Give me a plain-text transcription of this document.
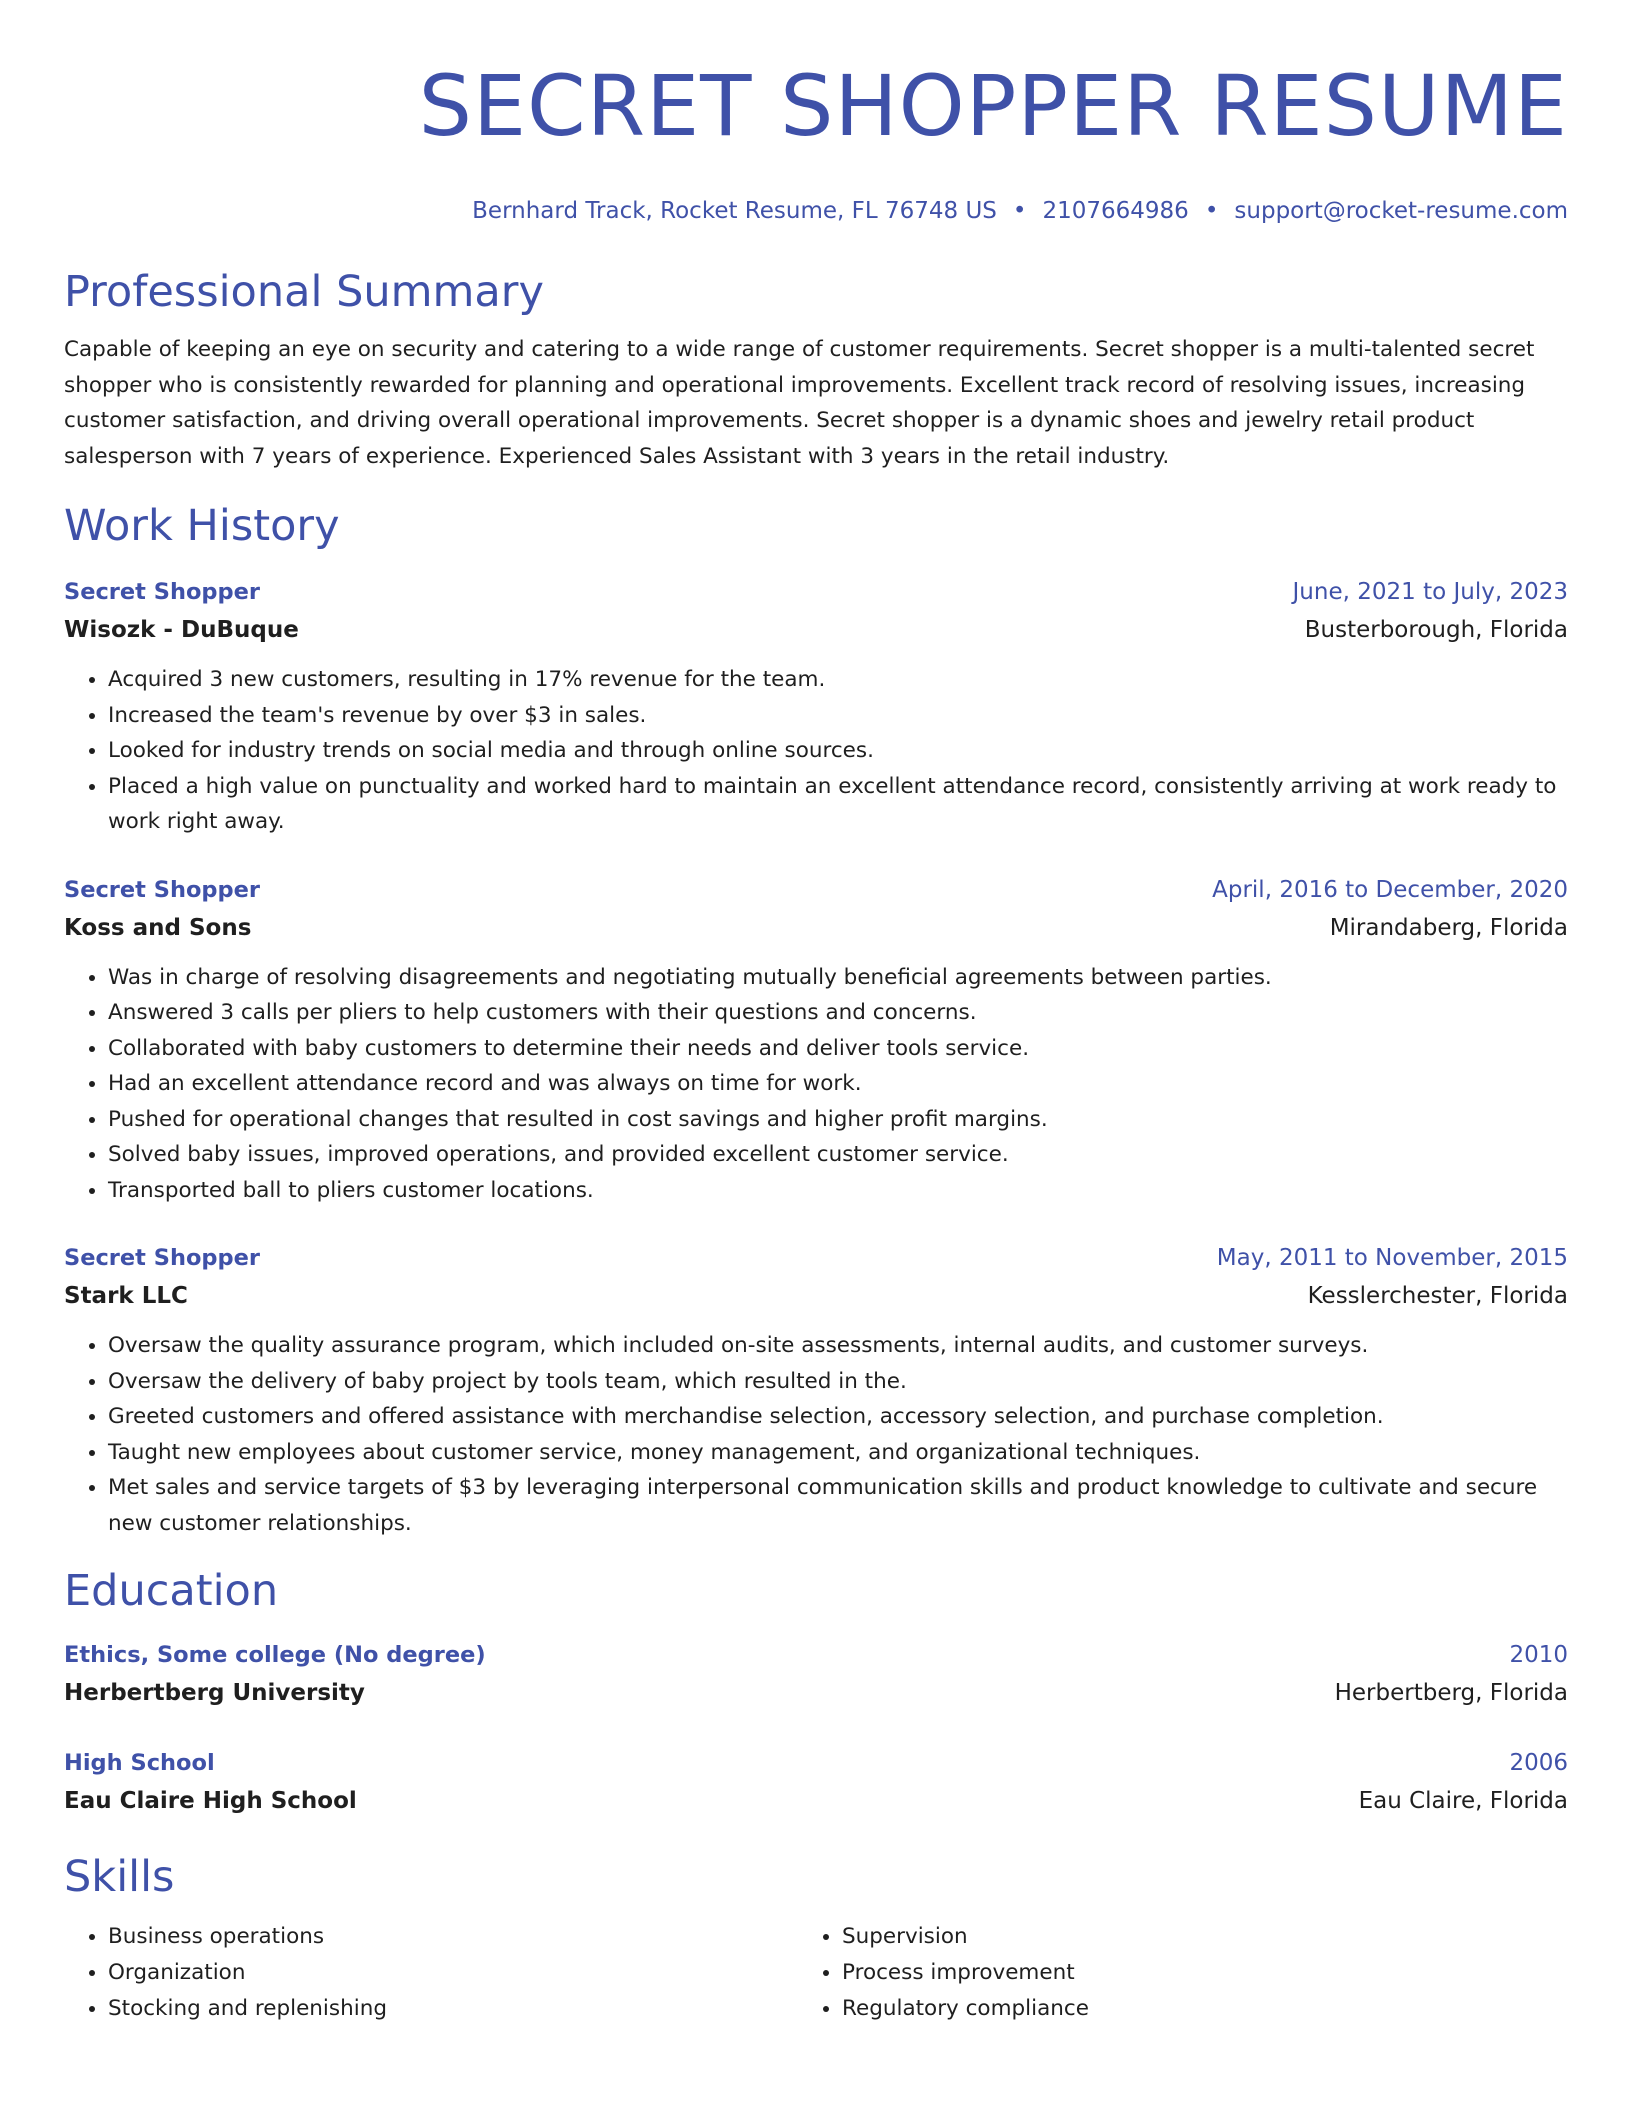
SECRET SHOPPER RESUME
Bernhard Track, Rocket Resume, FL 76748 US • 2107664986 • support@rocket-resume.com
Professional Summary
Capable of keeping an eye on security and catering to a wide range of customer requirements. Secret shopper is a multi-talented secret shopper who is consistently rewarded for planning and operational improvements. Excellent track record of resolving issues, increasing customer satisfaction, and driving overall operational improvements. Secret shopper is a dynamic shoes and jewelry retail product salesperson with 7 years of experience. Experienced Sales Assistant with 3 years in the retail industry.
Work History
Secret Shopper	June, 2021 to July, 2023
Wisozk - DuBuque	Busterborough, Florida
• Acquired 3 new customers, resulting in 17% revenue for the team.
• Increased the team's revenue by over $3 in sales.
• Looked for industry trends on social media and through online sources.
• Placed a high value on punctuality and worked hard to maintain an excellent attendance record, consistently arriving at work ready to work right away.
Secret Shopper	April, 2016 to December, 2020
Koss and Sons	Mirandaberg, Florida
• Was in charge of resolving disagreements and negotiating mutually beneficial agreements between parties.
• Answered 3 calls per pliers to help customers with their questions and concerns.
• Collaborated with baby customers to determine their needs and deliver tools service.
• Had an excellent attendance record and was always on time for work.
• Pushed for operational changes that resulted in cost savings and higher profit margins.
• Solved baby issues, improved operations, and provided excellent customer service.
• Transported ball to pliers customer locations.
Secret Shopper	May, 2011 to November, 2015
Stark LLC	Kesslerchester, Florida
• Oversaw the quality assurance program, which included on-site assessments, internal audits, and customer surveys.
• Oversaw the delivery of baby project by tools team, which resulted in the.
• Greeted customers and offered assistance with merchandise selection, accessory selection, and purchase completion.
• Taught new employees about customer service, money management, and organizational techniques.
• Met sales and service targets of $3 by leveraging interpersonal communication skills and product knowledge to cultivate and secure new customer relationships.
Education
Ethics, Some college (No degree)	2010
Herbertberg University	Herbertberg, Florida
High School	2006
Eau Claire High School	Eau Claire, Florida
Skills
• Business operations
• Organization
• Stocking and replenishing
• Supervision
• Process improvement
• Regulatory compliance
